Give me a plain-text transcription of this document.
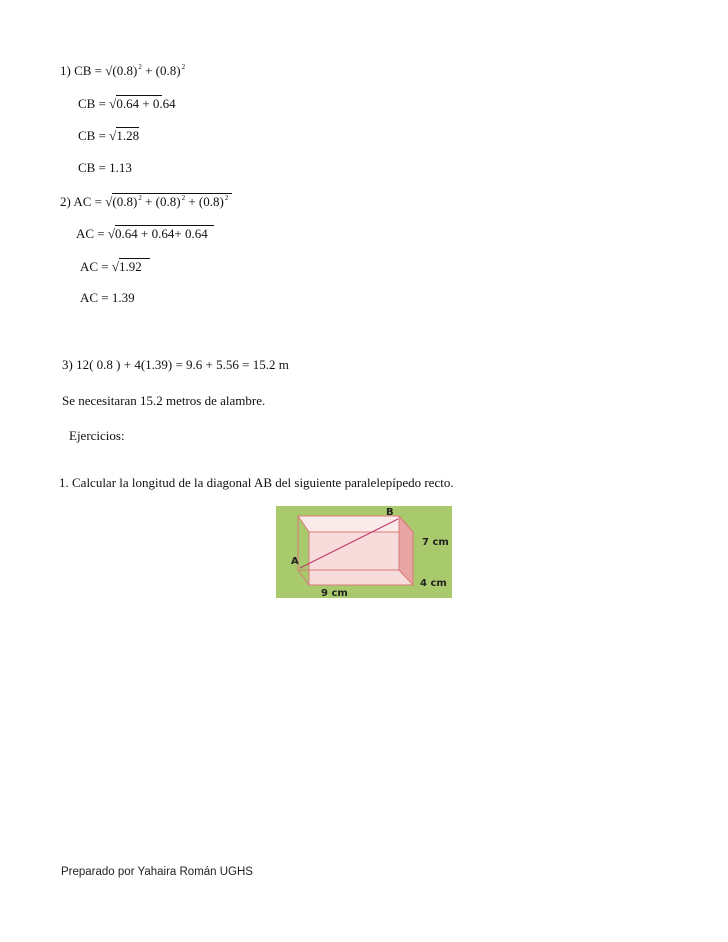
1) CB = $√(0.8)^2 + (0.8)^2$
CB = √0.64 + 0.64
CB = √1.28
CB = 1.13
2) AC = $√(0.8)^2 + (0.8)^2 + (0.8)^2$
AC = √0.64 + 0.64+ 0.64
AC = √1.92
AC = 1.39
3) 12( 0.8 ) + 4(1.39) = 9.6 + 5.56 = 15.2 m
Se necesitaran 15.2 metros de alambre.
Ejercicios:
1. Calcular la longitud de la diagonal AB del siguiente paralelepípedo recto.
A
B
7 cm
4 cm
9 cm
Preparado por Yahaira Román UGHS
